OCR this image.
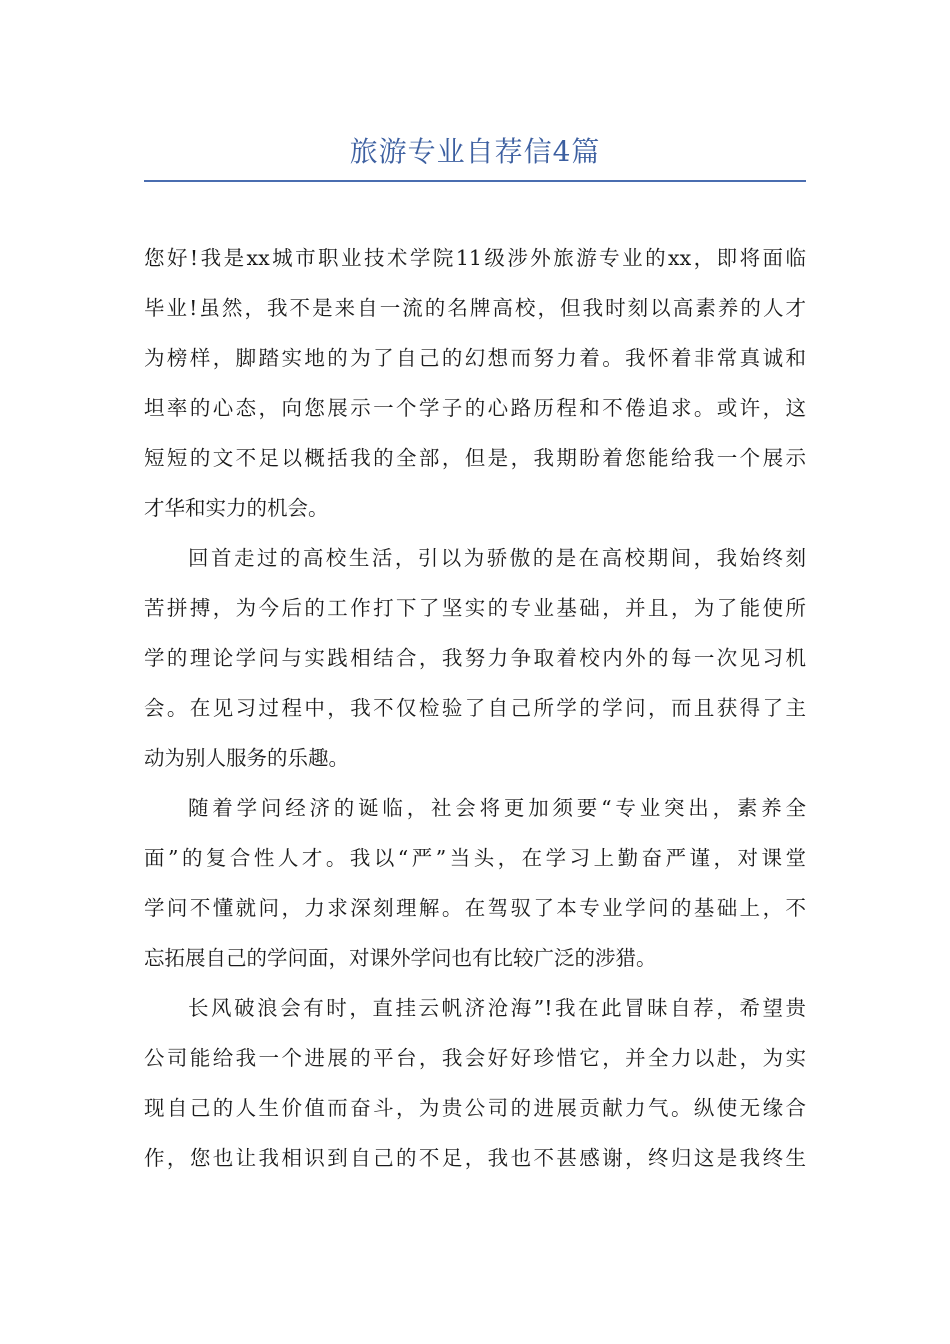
旅游专业自荐信4篇
您好!我是xx城市职业技术学院11级涉外旅游专业的xx，即将面临
毕业!虽然，我不是来自一流的名牌高校，但我时刻以高素养的人才
为榜样，脚踏实地的为了自己的幻想而努力着。我怀着非常真诚和
坦率的心态，向您展示一个学子的心路历程和不倦追求。或许，这
短短的文不足以概括我的全部，但是，我期盼着您能给我一个展示
才华和实力的机会。
回首走过的高校生活，引以为骄傲的是在高校期间，我始终刻
苦拼搏，为今后的工作打下了坚实的专业基础，并且，为了能使所
学的理论学问与实践相结合，我努力争取着校内外的每一次见习机
会。在见习过程中，我不仅检验了自己所学的学问，而且获得了主
动为别人服务的乐趣。
随着学问经济的诞临，社会将更加须要“专业突出，素养全
面”的复合性人才。我以“严”当头，在学习上勤奋严谨，对课堂
学问不懂就问，力求深刻理解。在驾驭了本专业学问的基础上，不
忘拓展自己的学问面，对课外学问也有比较广泛的涉猎。
长风破浪会有时，直挂云帆济沧海”!我在此冒昧自荐，希望贵
公司能给我一个进展的平台，我会好好珍惜它，并全力以赴，为实
现自己的人生价值而奋斗，为贵公司的进展贡献力气。纵使无缘合
作，您也让我相识到自己的不足，我也不甚感谢，终归这是我终生
